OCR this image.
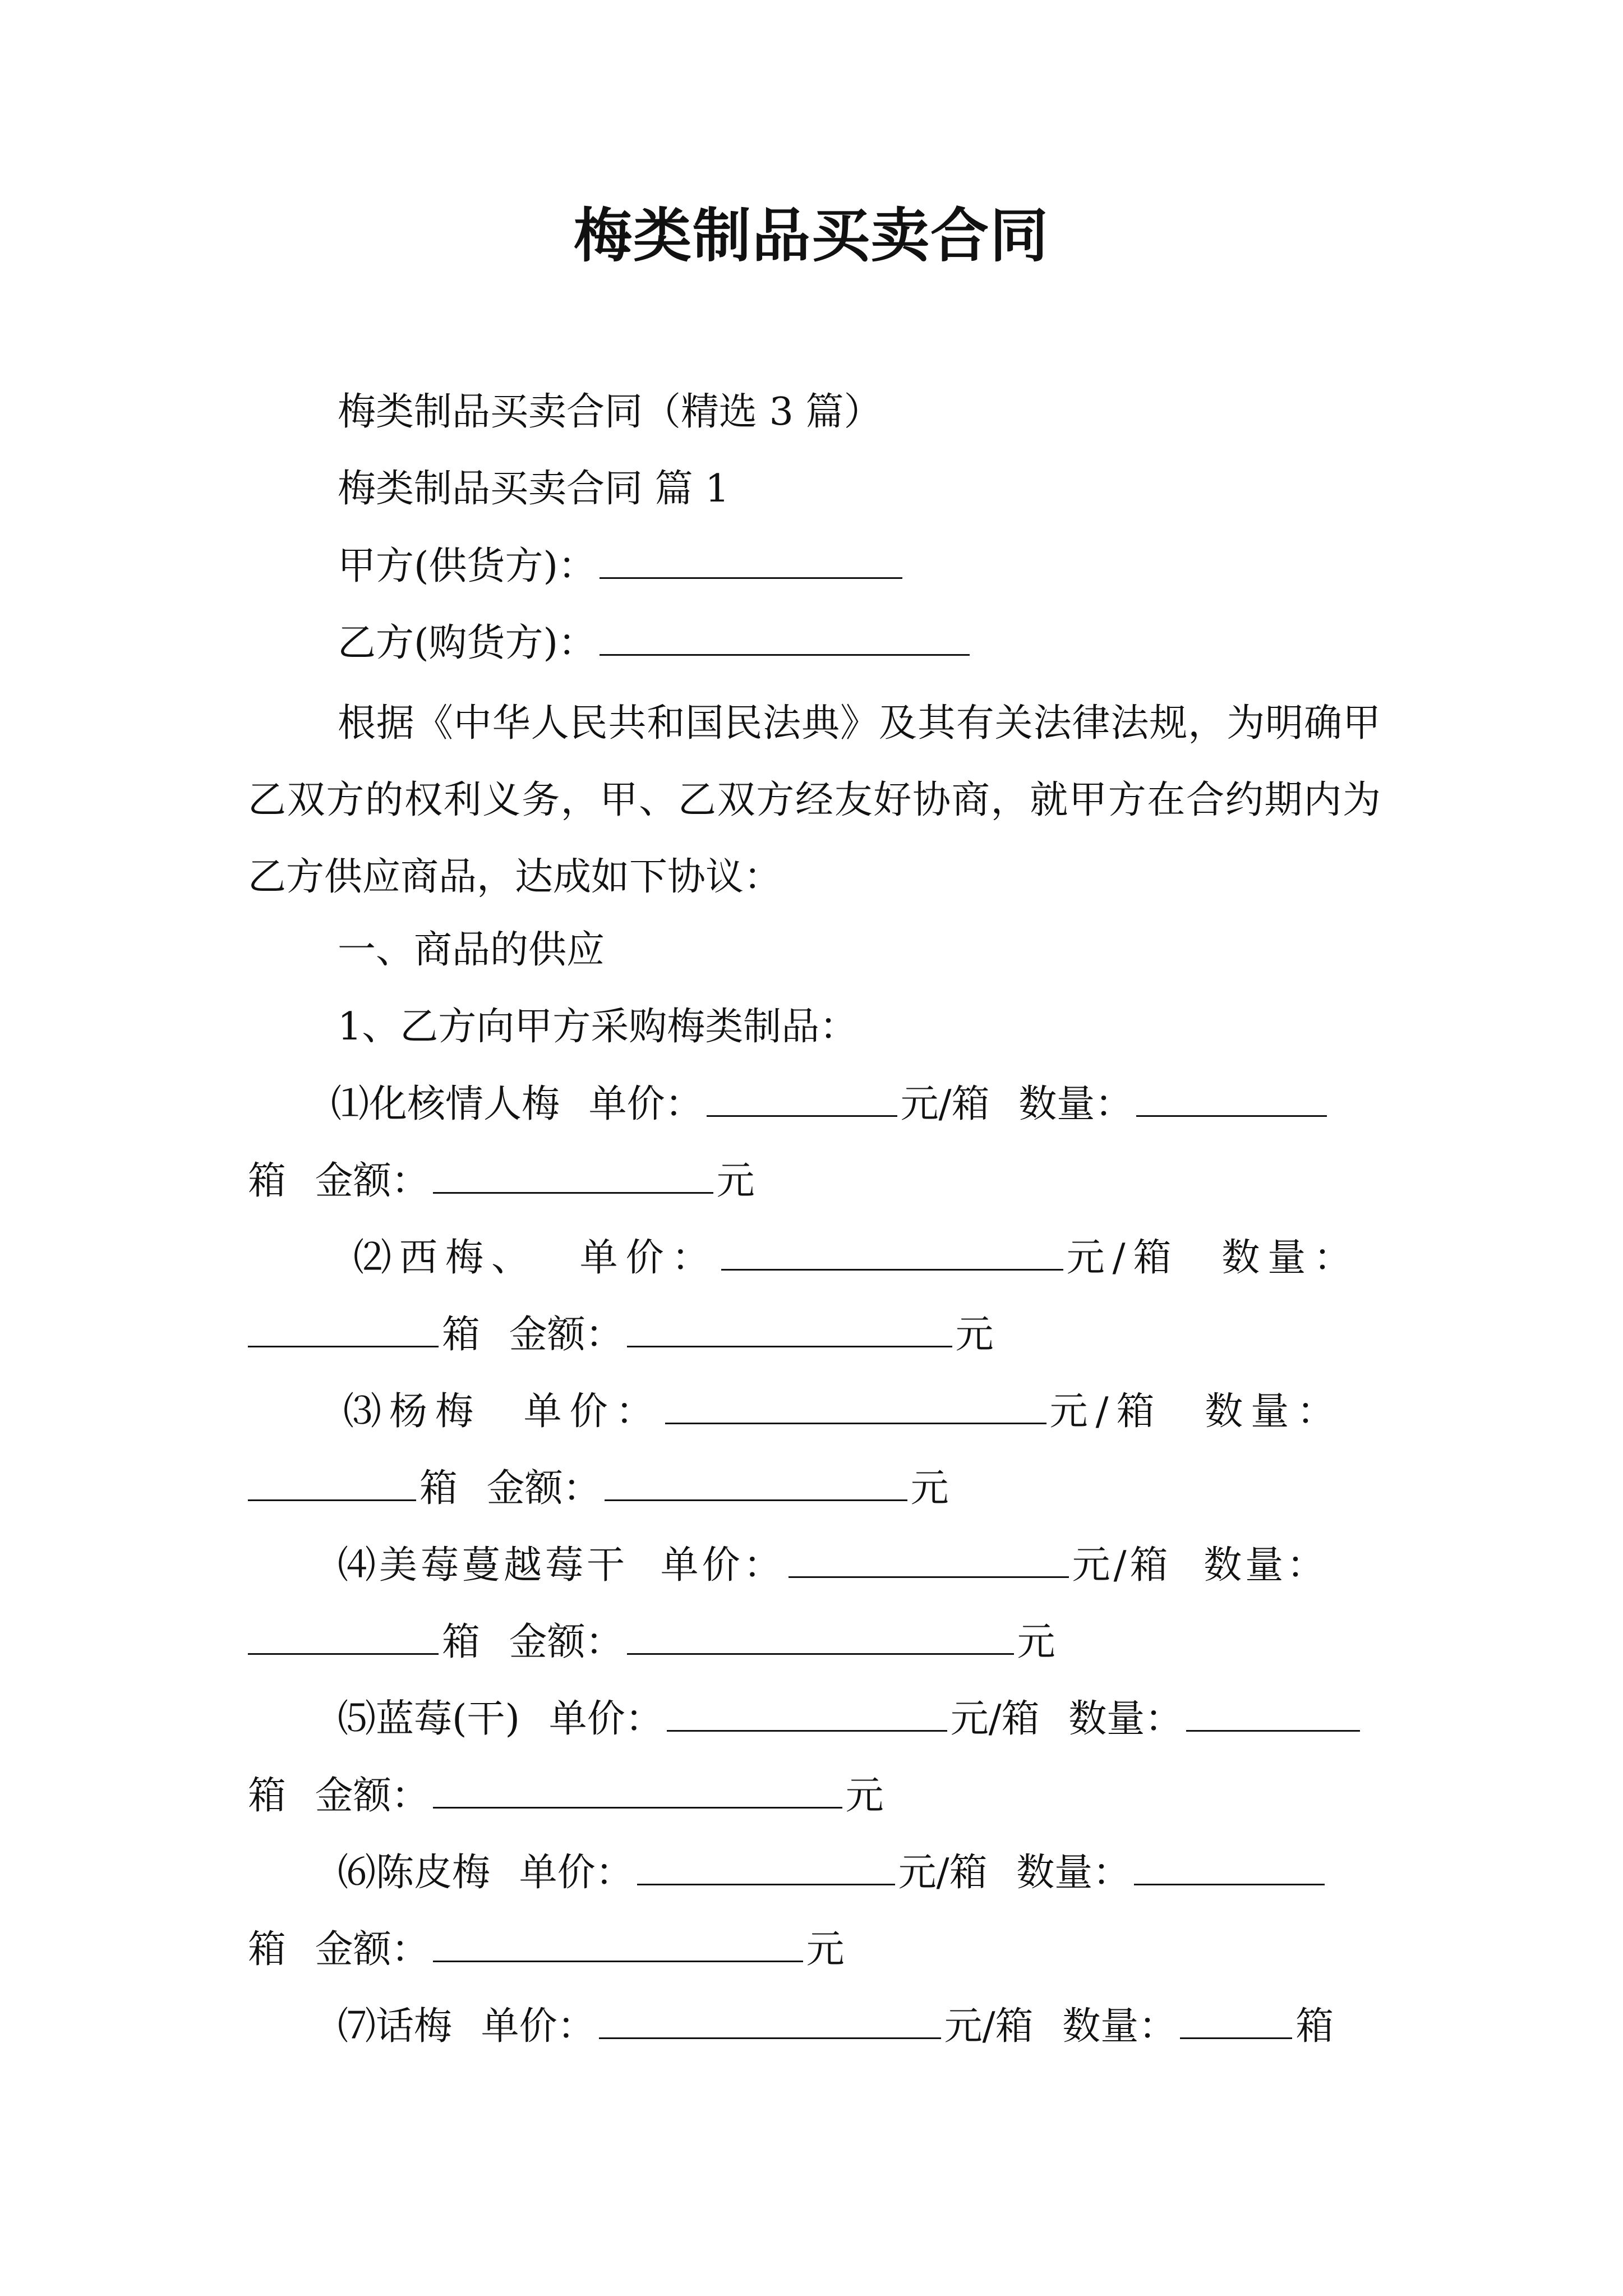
梅类制品买卖合同
梅类制品买卖合同（精选 3 篇）
梅类制品买卖合同 篇 1
甲方(供货方)：
乙方(购货方)：

根据《中华人民共和国民法典》及其有关法律法规，为明确甲乙双方的权利义务，甲、乙双方经友好协商，就甲方在合约期内为乙方供应商品，达成如下协议：

一、商品的供应
1、乙方向甲方采购梅类制品：
⑴化核情人梅 单价：	元/箱 数量：
箱 金额：	元
⑵西梅、 单价：	元/箱 数量：
箱 金额：	元
⑶杨梅 单价：	元/箱 数量：
箱 金额：	元
⑷美莓蔓越莓干 单价：	元/箱 数量：
箱 金额：	元
⑸蓝莓(干) 单价：	元/箱 数量：
箱 金额：	元
⑹陈皮梅 单价：	元/箱 数量：
箱 金额：	元
⑺话梅 单价：	元/箱 数量：	箱
